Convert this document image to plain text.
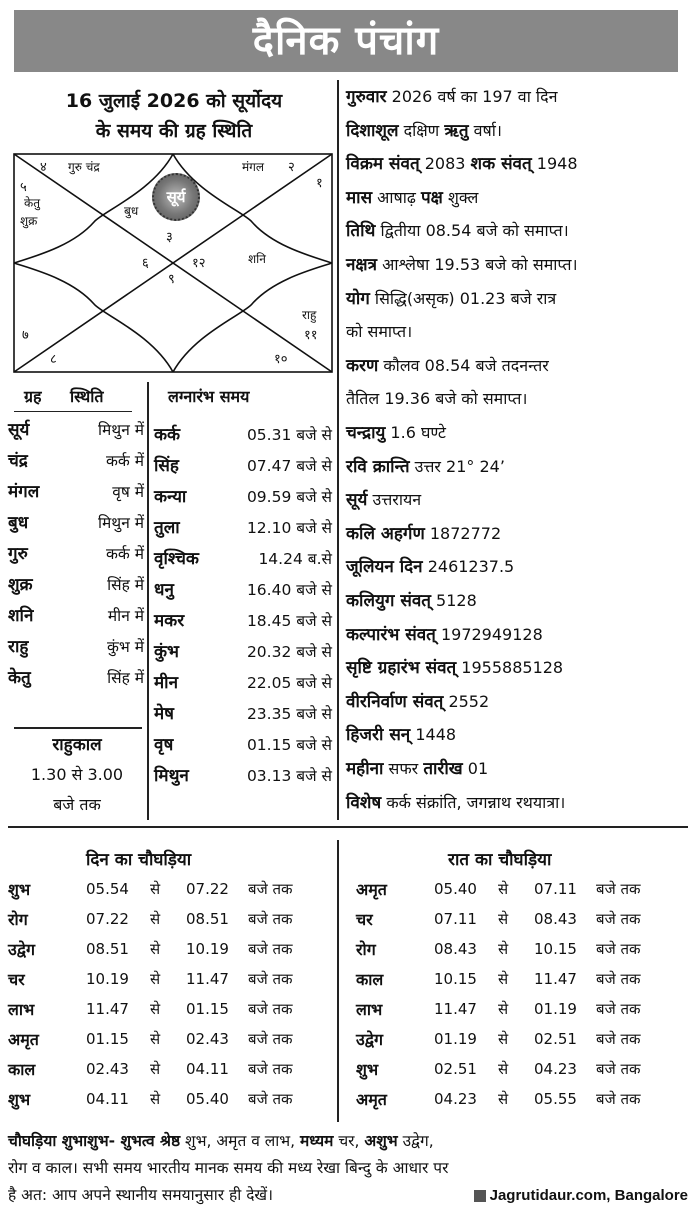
दैनिक पंचांग
16 जुलाई 2026 को सूर्योदय
के समय की ग्रह स्थिति
सूर्य
४ गुरु चंद्र	मंगल २
१
५
केतु
शुक्र
बुध
३
६
९
१२	शनि
राहु
११
७
८	१०
ग्रह स्थिति
सूर्य	मिथुन में
चंद्र	कर्क में
मंगल	वृष में
बुध	मिथुन में
गुरु	कर्क में
शुक्र	सिंह में
शनि	मीन में
राहु	कुंभ में
केतु	सिंह में
राहुकाल
1.30 से 3.00
बजे तक
लग्नारंभ समय
कर्क	05.31 बजे से
सिंह	07.47 बजे से
कन्या	09.59 बजे से
तुला	12.10 बजे से
वृश्चिक	14.24 ब.से
धनु	16.40 बजे से
मकर	18.45 बजे से
कुंभ	20.32 बजे से
मीन	22.05 बजे से
मेष	23.35 बजे से
वृष	01.15 बजे से
मिथुन	03.13 बजे से
गुरुवार 2026 वर्ष का 197 वा दिन
दिशाशूल दक्षिण ऋतु वर्षा।
विक्रम संवत् 2083 शक संवत् 1948
मास आषाढ़ पक्ष शुक्ल
तिथि द्वितीया 08.54 बजे को समाप्त।
नक्षत्र आश्लेषा 19.53 बजे को समाप्त।
योग सिद्धि(असृक) 01.23 बजे रात्र
को समाप्त।
करण कौलव 08.54 बजे तदनन्तर
तैतिल 19.36 बजे को समाप्त।
चन्द्रायु 1.6 घण्टे
रवि क्रान्ति उत्तर 21° 24’
सूर्य उत्तरायन
कलि अहर्गण 1872772
जूलियन दिन 2461237.5
कलियुग संवत् 5128
कल्पारंभ संवत् 1972949128
सृष्टि ग्रहारंभ संवत् 1955885128
वीरनिर्वाण संवत् 2552
हिजरी सन् 1448
महीना सफर तारीख 01
विशेष कर्क संक्रांति, जगन्नाथ रथयात्रा।
दिन का चौघड़िया	रात का चौघड़िया
शुभ	05.54 से 07.22 बजे तक
रोग	07.22 से 08.51 बजे तक
उद्वेग	08.51 से 10.19 बजे तक
चर	10.19 से 11.47 बजे तक
लाभ	11.47 से 01.15 बजे तक
अमृत	01.15 से 02.43 बजे तक
काल	02.43 से 04.11 बजे तक
शुभ	04.11 से 05.40 बजे तक
अमृत	05.40 से 07.11 बजे तक
चर	07.11 से 08.43 बजे तक
रोग	08.43 से 10.15 बजे तक
काल	10.15 से 11.47 बजे तक
लाभ	11.47 से 01.19 बजे तक
उद्वेग	01.19 से 02.51 बजे तक
शुभ	02.51 से 04.23 बजे तक
अमृत	04.23 से 05.55 बजे तक
चौघड़िया शुभाशुभ- शुभत्व श्रेष्ठ शुभ, अमृत व लाभ, मध्यम चर, अशुभ उद्वेग,
रोग व काल। सभी समय भारतीय मानक समय की मध्य रेखा बिन्दु के आधार पर
है अत: आप अपने स्थानीय समयानुसार ही देखें।	Jagrutidaur.com, Bangalore
